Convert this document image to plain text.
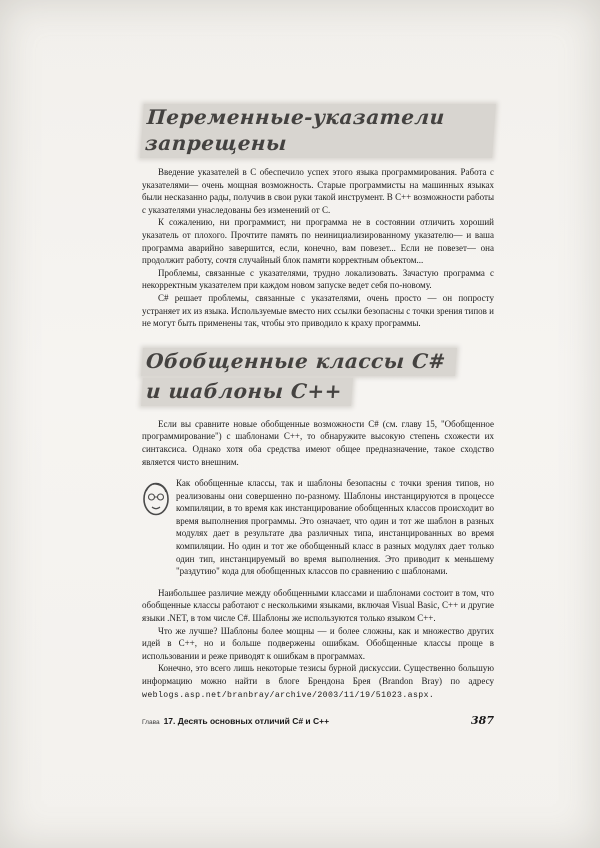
Переменные-указатели запрещены

Введение указателей в С обеспечило успех этого языка программирования. Работа с указателями— очень мощная возможность. Старые программисты на машинных языках были несказанно рады, получив в свои руки такой инструмент. В С++ возможности работы с указателями унаследованы без изменений от С.

К сожалению, ни программист, ни программа не в состоянии отличить хороший указатель от плохого. Прочтите память по неинициализированному указателю— и ваша программа аварийно завершится, если, конечно, вам повезет... Если не повезет— она продолжит работу, сочтя случайный блок памяти корректным объектом...

Проблемы, связанные с указателями, трудно локализовать. Зачастую программа с некорректным указателем при каждом новом запуске ведет себя по-новому.

С# решает проблемы, связанные с указателями, очень просто — он попросту устраняет их из языка. Используемые вместо них ссылки безопасны с точки зрения типов и не могут быть применены так, чтобы это приводило к краху программы.

Обобщенные классы C#
и шаблоны C++

Если вы сравните новые обобщенные возможности С# (см. главу 15, "Обобщенное программирование") с шаблонами С++, то обнаружите высокую степень схожести их синтаксиса. Однако хотя оба средства имеют общее предназначение, такое сходство является чисто внешним.

Как обобщенные классы, так и шаблоны безопасны с точки зрения типов, но реализованы они совершенно по-разному. Шаблоны инстанцируются в процессе компиляции, в то время как инстанцирование обобщенных классов происходит во время выполнения программы. Это означает, что один и тот же шаблон в разных модулях дает в результате два различных типа, инстанцированных во время компиляции. Но один и тот же обобщенный класс в разных модулях дает только один тип, инстанцируемый во время выполнения. Это приводит к меньшему "раздутию" кода для обобщенных классов по сравнению с шаблонами.

Наибольшее различие между обобщенными классами и шаблонами состоит в том, что обобщенные классы работают с несколькими языками, включая Visual Basic, С++ и другие языки .NET, в том числе С#. Шаблоны же используются только языком С++.

Что же лучше? Шаблоны более мощны — и более сложны, как и множество других идей в С++, но и больше подвержены ошибкам. Обобщенные классы проще в использовании и реже приводят к ошибкам в программах.

Конечно, это всего лишь некоторые тезисы бурной дискуссии. Существенно большую информацию можно найти в блоге Брендона Брея (Brandon Bray) по адресу weblogs.asp.net/branbray/archive/2003/11/19/51023.aspx.

Глава 17. Десять основных отличий C# и C++	387
